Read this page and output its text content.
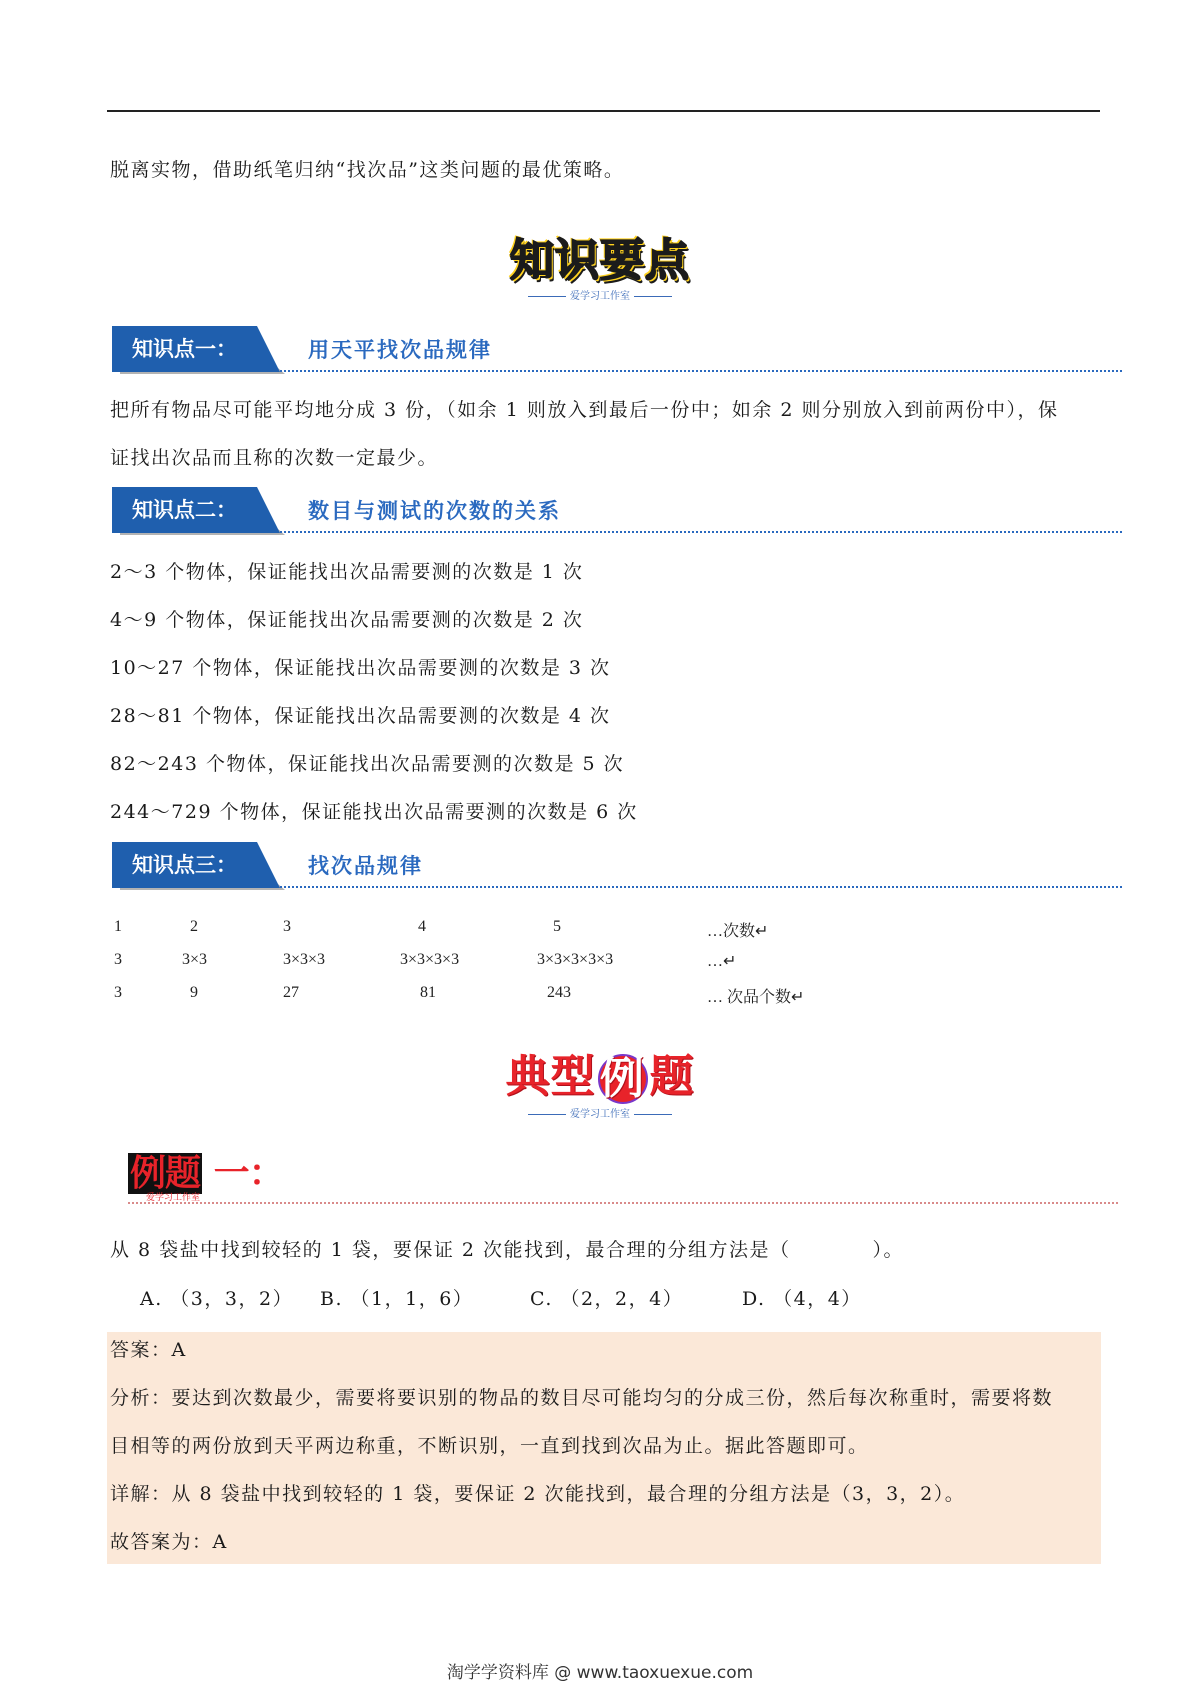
脱离实物，借助纸笔归纳“找次品”这类问题的最优策略。
知识要点
爱学习工作室
知识点一：	用天平找次品规律
把所有物品尽可能平均地分成 3 份，（如余 1 则放入到最后一份中；如余 2 则分别放入到前两份中），保
证找出次品而且称的次数一定最少。
知识点二：	数目与测试的次数的关系
2～3 个物体，保证能找出次品需要测的次数是 1 次
4～9 个物体，保证能找出次品需要测的次数是 2 次
10～27 个物体，保证能找出次品需要测的次数是 3 次
28～81 个物体，保证能找出次品需要测的次数是 4 次
82～243 个物体，保证能找出次品需要测的次数是 5 次
244～729 个物体，保证能找出次品需要测的次数是 6 次
知识点三：	找次品规律
1	2	3	4	5	…次数↵
3	3×3	3×3×3	3×3×3×3	3×3×3×3×3	…↵
3	9	27	81	243	… 次品个数↵
典型 例 题
爱学习工作室
例题 一：
爱学习工作室
从 8 袋盐中找到较轻的 1 袋，要保证 2 次能找到，最合理的分组方法是（　　　　）。
A. （3，3，2） B. （1，1，6）	C. （2，2，4）	D. （4，4）
答案：A
分析：要达到次数最少，需要将要识别的物品的数目尽可能均匀的分成三份，然后每次称重时，需要将数
目相等的两份放到天平两边称重，不断识别，一直到找到次品为止。据此答题即可。
详解：从 8 袋盐中找到较轻的 1 袋，要保证 2 次能找到，最合理的分组方法是（3，3，2）。
故答案为：A
淘学学资料库 @ www.taoxuexue.com
